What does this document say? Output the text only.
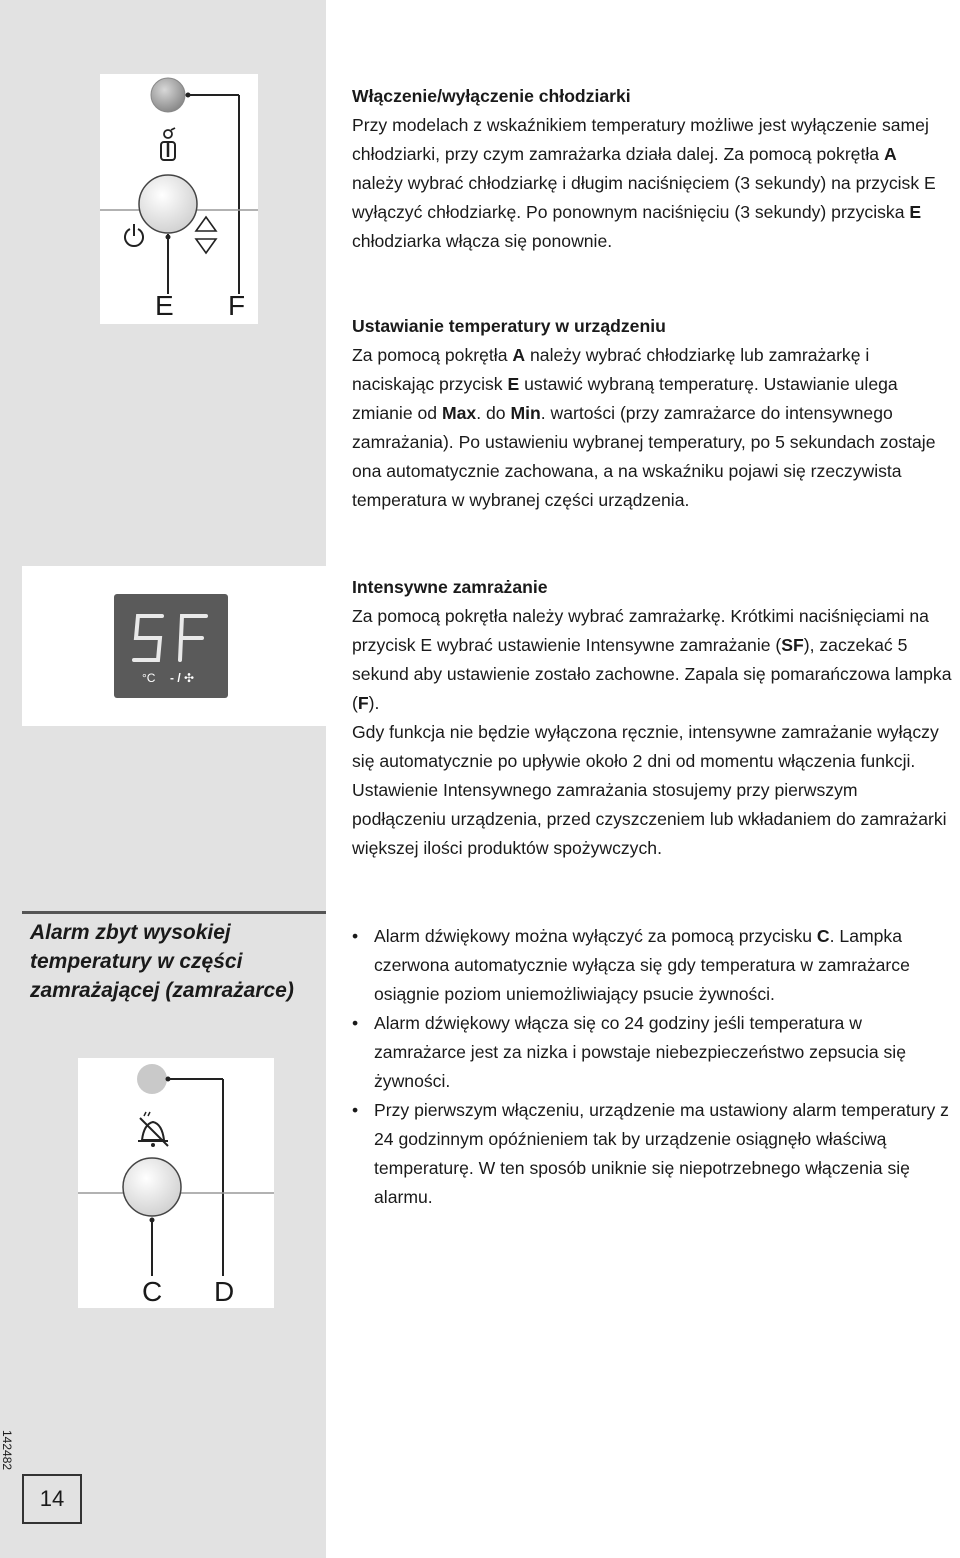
E F
°C - / ✣
C D
Włączenie/wyłączenie chłodziarki
Przy modelach z wskaźnikiem temperatury możliwe jest wyłączenie samej chłodziarki, przy czym zamrażarka działa dalej. Za pomocą pokrętła A należy wybrać chłodziarkę i długim naciśnięciem (3 sekundy) na przycisk E wyłączyć chłodziarkę. Po ponownym naciśnięciu (3 sekundy) przyciska E chłodziarka włącza się ponownie.
Ustawianie temperatury w urządzeniu
Za pomocą pokrętła A należy wybrać chłodziarkę lub zamrażarkę i naciskając przycisk E ustawić wybraną temperaturę. Ustawianie ulega zmianie od Max. do Min. wartości (przy zamrażarce do intensywnego zamrażania). Po ustawieniu wybranej temperatury, po 5 sekundach zostaje ona automatycznie zachowana, a na wskaźniku pojawi się rzeczywista temperatura w wybranej części urządzenia.
Intensywne zamrażanie
Za pomocą pokrętła należy wybrać zamrażarkę. Krótkimi naciśnięciami na przycisk E wybrać ustawienie Intensywne zamrażanie (SF), zaczekać 5 sekund aby ustawienie zostało zachowne. Zapala się pomarańczowa lampka (F).
Gdy funkcja nie będzie wyłączona ręcznie, intensywne zamrażanie wyłączy się automatycznie po upływie około 2 dni od momentu włączenia funkcji.
Ustawienie Intensywnego zamrażania stosujemy przy pierwszym podłączeniu urządzenia, przed czyszczeniem lub wkładaniem do zamrażarki większej ilości produktów spożywczych.

Alarm zbyt wysokiej temperatury w części zamrażającej (zamrażarce)

• Alarm dźwiękowy można wyłączyć za pomocą przycisku C. Lampka czerwona automatycznie wyłącza się gdy temperatura w zamrażarce osiągnie poziom uniemożliwiający psucie żywności.
• Alarm dźwiękowy włącza się co 24 godziny jeśli temperatura w zamrażarce jest za nizka i powstaje niebezpieczeństwo zepsucia się żywności.
• Przy pierwszym włączeniu, urządzenie ma ustawiony alarm temperatury z 24 godzinnym opóźnieniem tak by urządzenie osiągnęło właściwą temperaturę. W ten sposób uniknie się niepotrzebnego włączenia się alarmu.
142482
14
